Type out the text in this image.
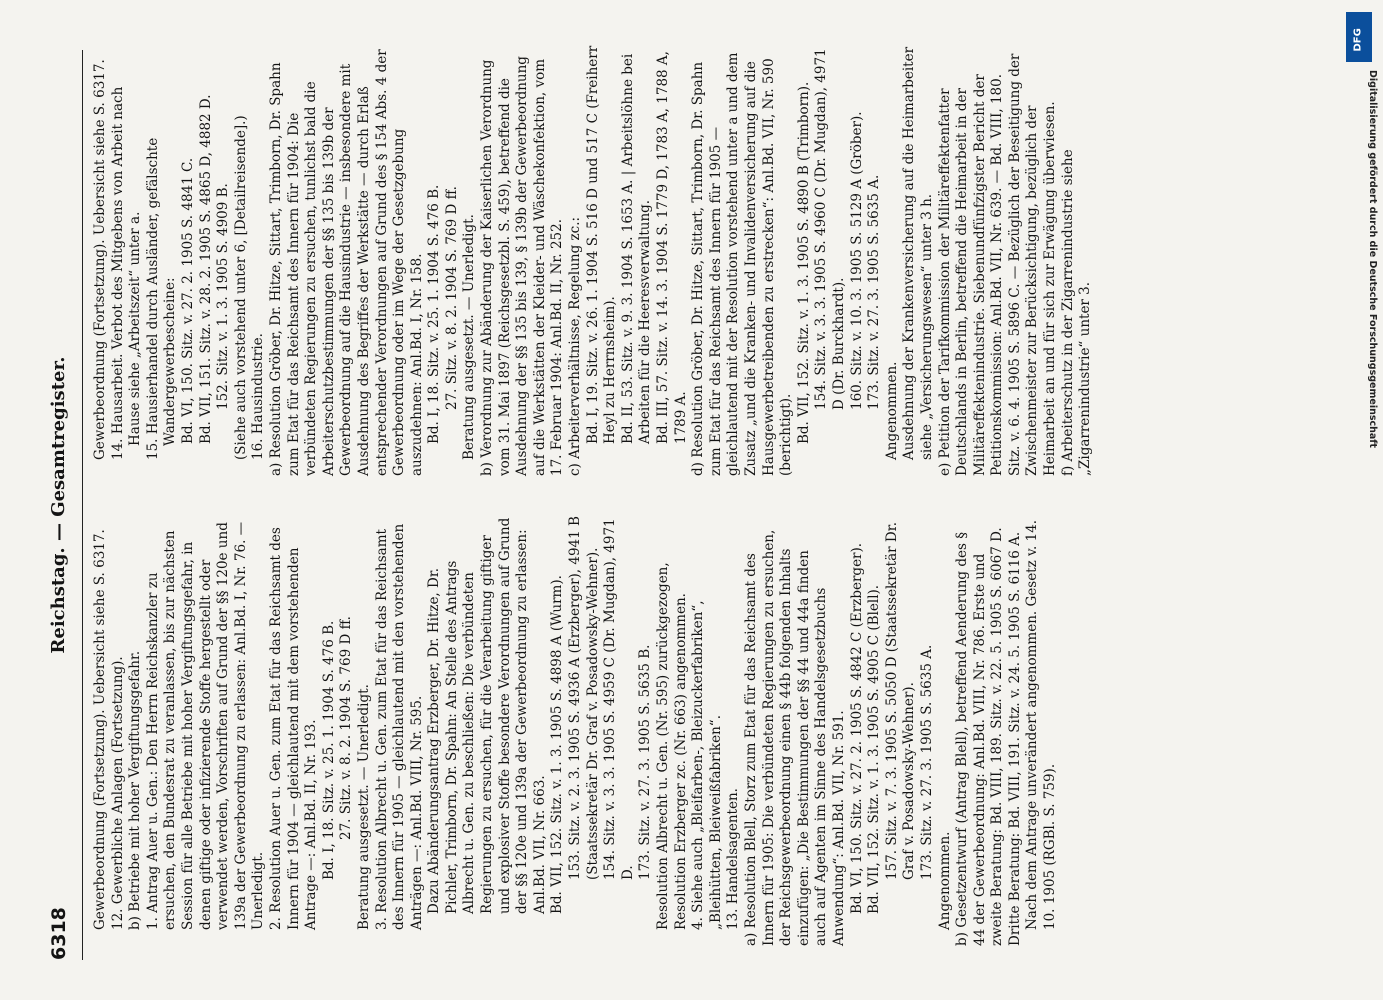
6318
Reichstag. — Gesamtregister.

Gewerbeordnung (Fortsetzung). Uebersicht siehe S. 6317. 12. Gewerbliche Anlagen (Fortsetzung). b) Betriebe mit hoher Vergiftungsgefahr. 1. Antrag Auer u. Gen.: Den Herrn Reichskanzler zu ersuchen, den Bundesrat zu veranlassen, bis zur nächsten Session für alle Betriebe mit hoher Vergiftungsgefahr, in denen giftige oder infizierende Stoffe hergestellt oder verwendet werden, Vorschriften auf Grund der §§ 120e und 139a der Gewerbeordnung zu erlassen: Anl.Bd. I, Nr. 76. — Unerledigt. 2. Resolution Auer u. Gen. zum Etat für das Reichsamt des Innern für 1904 — gleichlautend mit dem vorstehenden Antrage —: Anl.Bd. II, Nr. 193. Bd. I, 18. Sitz. v. 25. 1. 1904 S. 476 B. 27. Sitz. v. 8. 2. 1904 S. 769 D ff. Beratung ausgesetzt. — Unerledigt. 3. Resolution Albrecht u. Gen. zum Etat für das Reichsamt des Innern für 1905 — gleichlautend mit den vorstehenden Anträgen —: Anl.Bd. VIII, Nr. 595. Dazu Abänderungsantrag Erzberger, Dr. Hitze, Dr. Pichler, Trimborn, Dr. Spahn: An Stelle des Antrags Albrecht u. Gen. zu beschließen: Die verbündeten Regierungen zu ersuchen, für die Verarbeitung giftiger und explosiver Stoffe besondere Verordnungen auf Grund der §§ 120e und 139a der Gewerbeordnung zu erlassen: Anl.Bd. VII, Nr. 663. Bd. VII, 152. Sitz. v. 1. 3. 1905 S. 4898 A (Wurm). 153. Sitz. v. 2. 3. 1905 S. 4936 A (Erzberger), 4941 B (Staatssekretär Dr. Graf v. Posadowsky-Wehner). 154. Sitz. v. 3. 3. 1905 S. 4959 C (Dr. Mugdan), 4971 D. 173. Sitz. v. 27. 3. 1905 S. 5635 B. Resolution Albrecht u. Gen. (Nr. 595) zurückgezogen, Resolution Erzberger zc. (Nr. 663) angenommen. 4. Siehe auch „Bleifarben-, Bleizuckerfabriken“, „Bleihütten, Bleiweißfabriken“. 13. Handelsagenten. a) Resolution Blell, Storz zum Etat für das Reichsamt des Innern für 1905: Die verbündeten Regierungen zu ersuchen, der Reichsgewerbeordnung einen § 44b folgenden Inhalts einzufügen: „Die Bestimmungen der §§ 44 und 44a finden auch auf Agenten im Sinne des Handelsgesetzbuchs Anwendung“: Anl.Bd. VII, Nr. 591. Bd. VI, 150. Sitz. v. 27. 2. 1905 S. 4842 C (Erzberger). Bd. VII, 152. Sitz. v. 1. 3. 1905 S. 4905 C (Blell). 157. Sitz. v. 7. 3. 1905 S. 5050 D (Staatssekretär Dr. Graf v. Posadowsky-Wehner). 173. Sitz. v. 27. 3. 1905 S. 5635 A.

Angenommen. b) Gesetzentwurf (Antrag Blell), betreffend Aenderung des § 44 der Gewerbeordnung: Anl.Bd. VIII, Nr. 786. Erste und zweite Beratung: Bd. VIII, 189. Sitz. v. 22. 5. 1905 S. 6067 D. Dritte Beratung: Bd. VIII, 191. Sitz. v. 24. 5. 1905 S. 6116 A. Nach dem Antrage unverändert angenommen. Gesetz v. 14. 10. 1905 (RGBl. S. 759).

Gewerbeordnung (Fortsetzung). Uebersicht siehe S. 6317. 14. Hausarbeit. Verbot des Mitgebens von Arbeit nach Hause siehe „Arbeitszeit“ unter a. 15. Hausierhandel durch Ausländer, gefälschte Wandergewerbescheine: Bd. VI, 150. Sitz. v. 27. 2. 1905 S. 4841 C. Bd. VII, 151. Sitz. v. 28. 2. 1905 S. 4865 D, 4882 D. 152. Sitz. v. 1. 3. 1905 S. 4909 B. (Siehe auch vorstehend unter 6, [Detailreisende].) 16. Hausindustrie. a) Resolution Gröber, Dr. Hitze, Sittart, Trimborn, Dr. Spahn zum Etat für das Reichsamt des Innern für 1904: Die verbündeten Regierungen zu ersuchen, tunlichst bald die Arbeiterschutzbestimmungen der §§ 135 bis 139b der Gewerbeordnung auf die Hausindustrie — insbesondere mit Ausdehnung des Begriffes der Werkstätte — durch Erlaß entsprechender Verordnungen auf Grund des § 154 Abs. 4 der Gewerbeordnung oder im Wege der Gesetzgebung auszudehnen: Anl.Bd. I, Nr. 158. Bd. I, 18. Sitz. v. 25. 1. 1904 S. 476 B. 27. Sitz. v. 8. 2. 1904 S. 769 D ff. Beratung ausgesetzt. — Unerledigt. b) Verordnung zur Abänderung der Kaiserlichen Verordnung vom 31. Mai 1897 (Reichsgesetzbl. S. 459), betreffend die Ausdehnung der §§ 135 bis 139, § 139b der Gewerbeordnung auf die Werkstätten der Kleider- und Wäschekonfektion, vom 17. Februar 1904: Anl.Bd. II, Nr. 252. c) Arbeiterverhältnisse, Regelung zc.: Bd. I, 19. Sitz. v. 26. 1. 1904 S. 516 D und 517 C (Freiherr Heyl zu Herrnsheim). Bd. II, 53. Sitz. v. 9. 3. 1904 S. 1653 A. | Arbeitslöhne bei Arbeiten für die Heeresverwaltung. Bd. III, 57. Sitz. v. 14. 3. 1904 S. 1779 D, 1783 A, 1788 A, 1789 A. d) Resolution Gröber, Dr. Hitze, Sittart, Trimborn, Dr. Spahn zum Etat für das Reichsamt des Innern für 1905 — gleichlautend mit der Resolution vorstehend unter a und dem Zusatz „und die Kranken- und Invalidenversicherung auf die Hausgewerbetreibenden zu erstrecken“: Anl.Bd. VII, Nr. 590 (berichtigt). Bd. VII, 152. Sitz. v. 1. 3. 1905 S. 4890 B (Trimborn). 154. Sitz. v. 3. 3. 1905 S. 4960 C (Dr. Mugdan), 4971 D (Dr. Burckhardt). 160. Sitz. v. 10. 3. 1905 S. 5129 A (Gröber). 173. Sitz. v. 27. 3. 1905 S. 5635 A.

Angenommen. Ausdehnung der Krankenversicherung auf die Heimarbeiter siehe „Versicherungswesen“ unter 3 h. e) Petition der Tarifkommission der Militäreffektenfatter Deutschlands in Berlin, betreffend die Heimarbeit in der Militäreffektenindustrie. Siebenundfünfzigster Bericht der Petitionskommission: Anl.Bd. VII, Nr. 639. — Bd. VIII, 180. Sitz. v. 6. 4. 1905 S. 5896 C. — Bezüglich der Beseitigung der Zwischenmeister zur Berücksichtigung, bezüglich der Heimarbeit an und für sich zur Erwägung überwiesen. f) Arbeiterschutz in der Zigarrenindustrie siehe „Zigarrenindustrie“ unter 3.

DFG
Digitalisierung gefördert durch die Deutsche Forschungsgemeinschaft
